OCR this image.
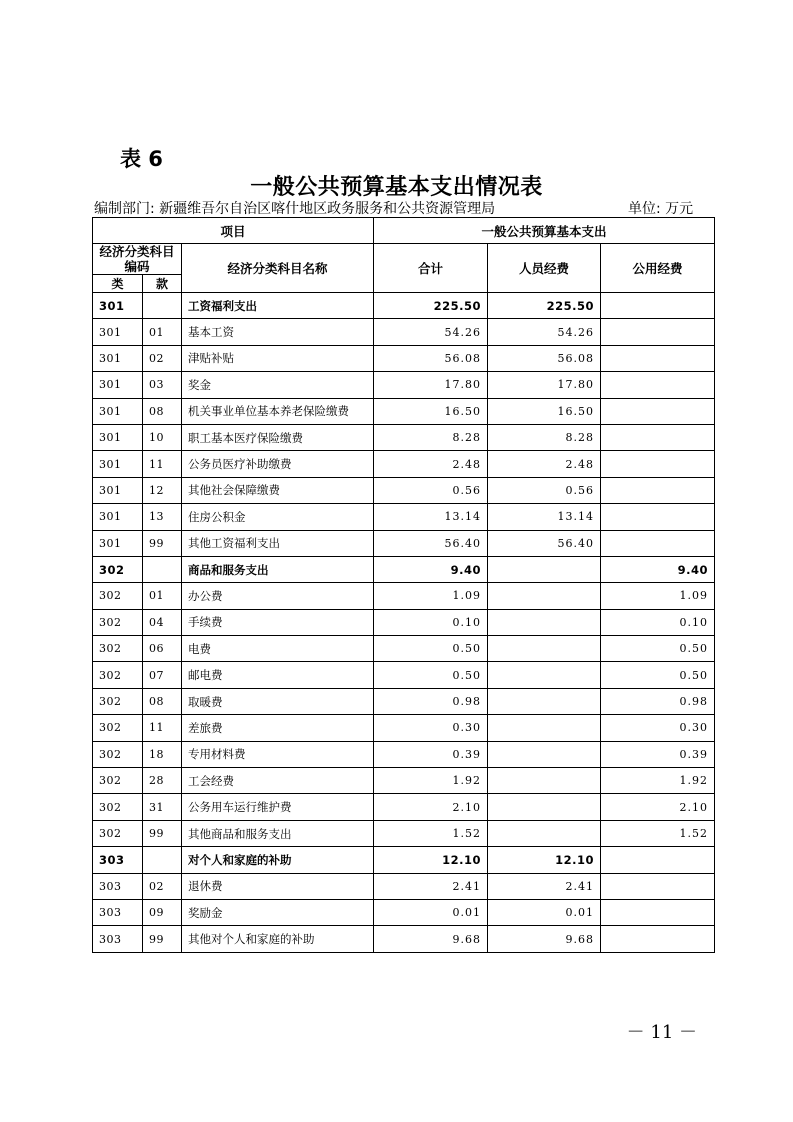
表 6
一般公共预算基本支出情况表
编制部门: 新疆维吾尔自治区喀什地区政务服务和公共资源管理局	单位: 万元
项目			一般公共预算基本支出		
经济分类科目编码		经济分类科目名称	合计	人员经费	公用经费

类	款				
301		工资福利支出	225.50	225.50	
301	01	基本工资	54.26	54.26	
301	02	津贴补贴	56.08	56.08	
301	03	奖金	17.80	17.80	
301	08	机关事业单位基本养老保险缴费	16.50	16.50	
301	10	职工基本医疗保险缴费	8.28	8.28	
301	11	公务员医疗补助缴费	2.48	2.48	
301	12	其他社会保障缴费	0.56	0.56	
301	13	住房公积金	13.14	13.14	
301	99	其他工资福利支出	56.40	56.40	
302		商品和服务支出	9.40		9.40
302	01	办公费	1.09		1.09
302	04	手续费	0.10		0.10
302	06	电费	0.50		0.50
302	07	邮电费	0.50		0.50
302	08	取暖费	0.98		0.98
302	11	差旅费	0.30		0.30
302	18	专用材料费	0.39		0.39
302	28	工会经费	1.92		1.92
302	31	公务用车运行维护费	2.10		2.10
302	99	其他商品和服务支出	1.52		1.52
303		对个人和家庭的补助	12.10	12.10	
303	02	退休费	2.41	2.41	
303	09	奖励金	0.01	0.01	
303	99	其他对个人和家庭的补助	9.68	9.68	
－ 11 －
